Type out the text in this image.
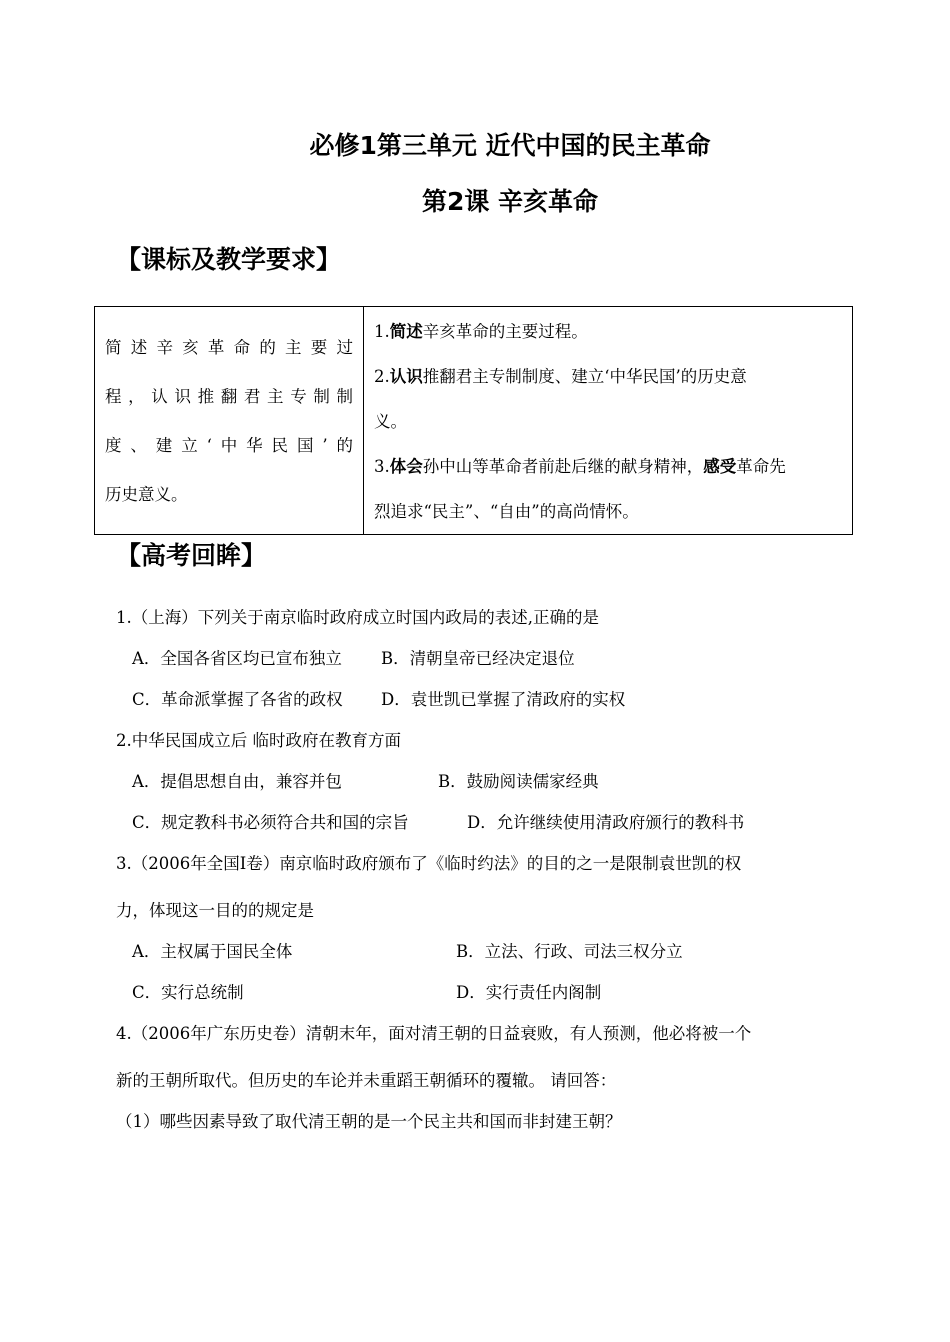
必修1第三单元 近代中国的民主革命
第2课 辛亥革命
【课标及教学要求】
简述辛亥革命的主要过
程，认识推翻君主专制制
度、建立‘中华民国’的
历史意义。

1.简述辛亥革命的主要过程。
2.认识推翻君主专制制度、建立‘中华民国’的历史意
义。
3.体会孙中山等革命者前赴后继的献身精神，感受革命先
烈追求“民主”、“自由”的高尚情怀。
【高考回眸】
1.（上海）下列关于南京临时政府成立时国内政局的表述,正确的是
A．全国各省区均已宣布独立 B．清朝皇帝已经决定退位
C．革命派掌握了各省的政权 D．袁世凯已掌握了清政府的实权
2.中华民国成立后 临时政府在教育方面
A．提倡思想自由，兼容并包	B．鼓励阅读儒家经典
C．规定教科书必须符合共和国的宗旨	D．允许继续使用清政府颁行的教科书
3.（2006年全国Ⅰ卷）南京临时政府颁布了《临时约法》的目的之一是限制袁世凯的权
力，体现这一目的的规定是
A．主权属于国民全体	B．立法、行政、司法三权分立
C．实行总统制	D．实行责任内阁制
4.（2006年广东历史卷）清朝末年，面对清王朝的日益衰败，有人预测，他必将被一个
新的王朝所取代。但历史的车论并未重蹈王朝循环的覆辙。 请回答：
（1）哪些因素导致了取代清王朝的是一个民主共和国而非封建王朝？
